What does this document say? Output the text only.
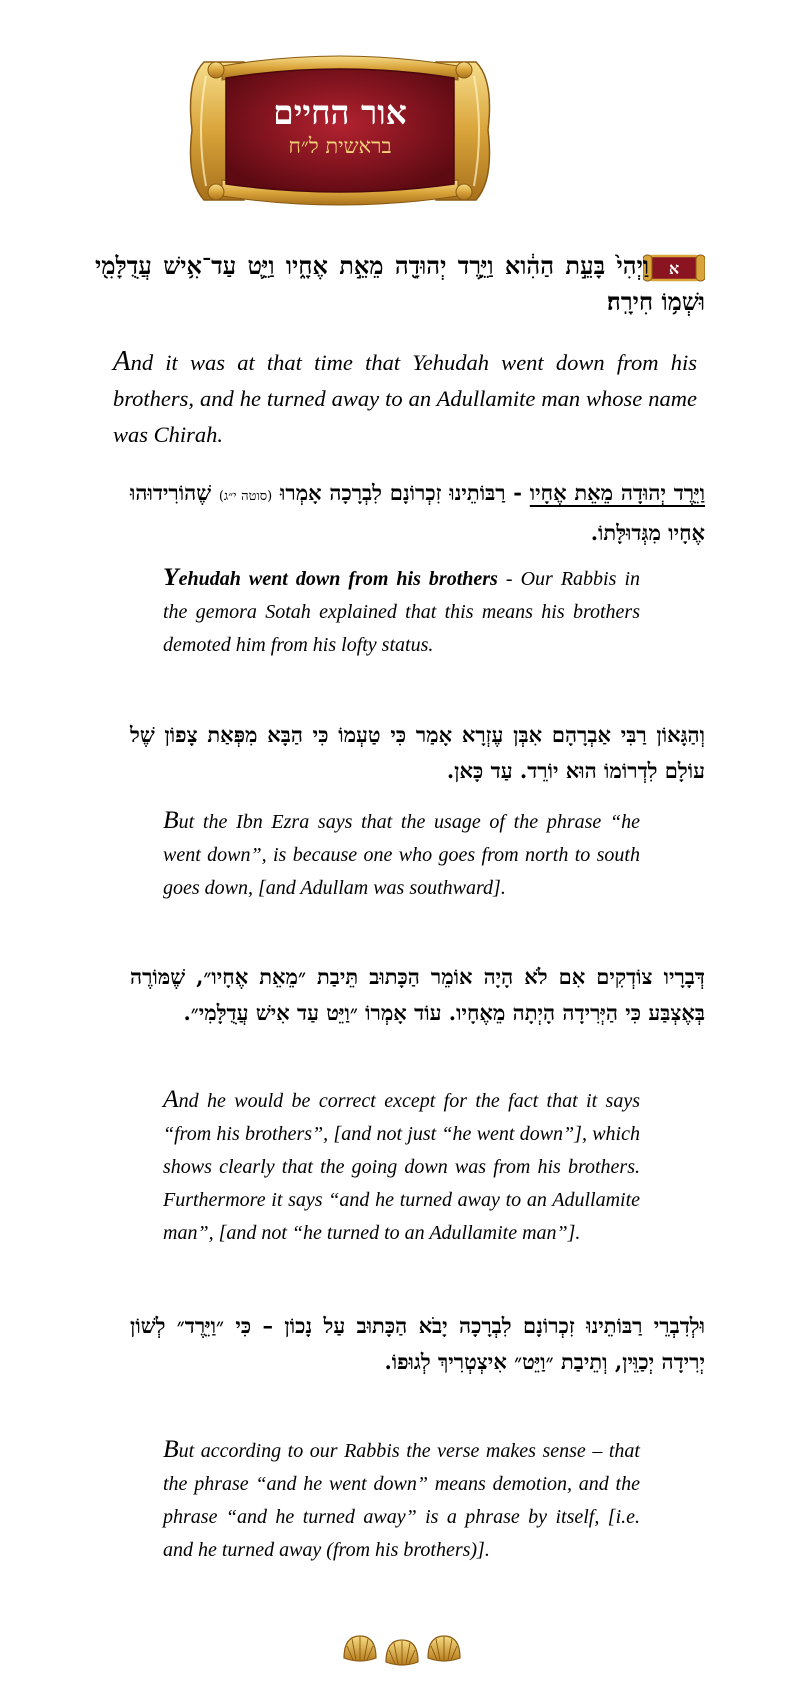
אור החיים
בראשית ל״ח
א
וַיְהִי֙ בָּעֵ֣ת הַהִ֔וא וַיֵּ֥רֶד יְהוּדָ֖ה מֵאֵ֣ת אֶחָ֑יו וַיֵּ֛ט עַד־אִ֥ישׁ עֲדֻלָּמִ֖י וּשְׁמ֥וֹ חִירָֽה׃
And it was at that time that Yehudah went down from his brothers, and he turned away to an Adullamite man whose name was Chirah.
וַיֵּרֶד יְהוּדָה מֵאֵת אֶחָיו - רַבּוֹתֵינוּ זִכְרוֹנָם לִבְרָכָה אָמְרוּ (סוטה י״ג) שֶׁהוֹרִידוּהוּ אֶחָיו מִגְּדוּלָּתוֹ.
Yehudah went down from his brothers - Our Rabbis in the gemora Sotah explained that this means his brothers demoted him from his lofty status.
וְהַגָּאוֹן רַבִּי אַבְרָהָם אִבְּן עֶזְרָא אָמַר כִּי טַעְמוֹ כִּי הַבָּא מִפְּאַת צָפוֹן שֶׁל עוֹלָם לִדְרוֹמוֹ הוּא יוֹרֵד. עַד כָּאן.
But the Ibn Ezra says that the usage of the phrase “he went down”, is because one who goes from north to south goes down, [and Adullam was southward].
דְּבָרָיו צוֹדְקִים אִם לֹא הָיָה אוֹמֵר הַכָּתוּב תֵּיבַת ״מֵאֵת אֶחָיו״, שֶׁמּוֹרֶה בְּאֶצְבַּע כִּי הַיְּרִידָה הָיְתָה מֵאֶחָיו. עוֹד אָמְרוֹ ״וַיֵּט עַד אִישׁ עֲדֻלָּמִי״.
And he would be correct except for the fact that it says “from his brothers”, [and not just “he went down”], which shows clearly that the going down was from his brothers. Furthermore it says “and he turned away to an Adullamite man”, [and not “he turned to an Adullamite man”].
וּלְדִבְרֵי רַבּוֹתֵינוּ זִכְרוֹנָם לִבְרָכָה יָבֹא הַכָּתוּב עַל נָכוֹן – כִּי ״וַיֵּרֶד״ לְשׁוֹן יְרִידָה יְכַוֵּין, וְתֵיבַת ״וַיֵּט״ אִיצְטְרִיךְ לְגוּפוֹ.
But according to our Rabbis the verse makes sense – that the phrase “and he went down” means demotion, and the phrase “and he turned away” is a phrase by itself, [i.e. and he turned away (from his brothers)].
